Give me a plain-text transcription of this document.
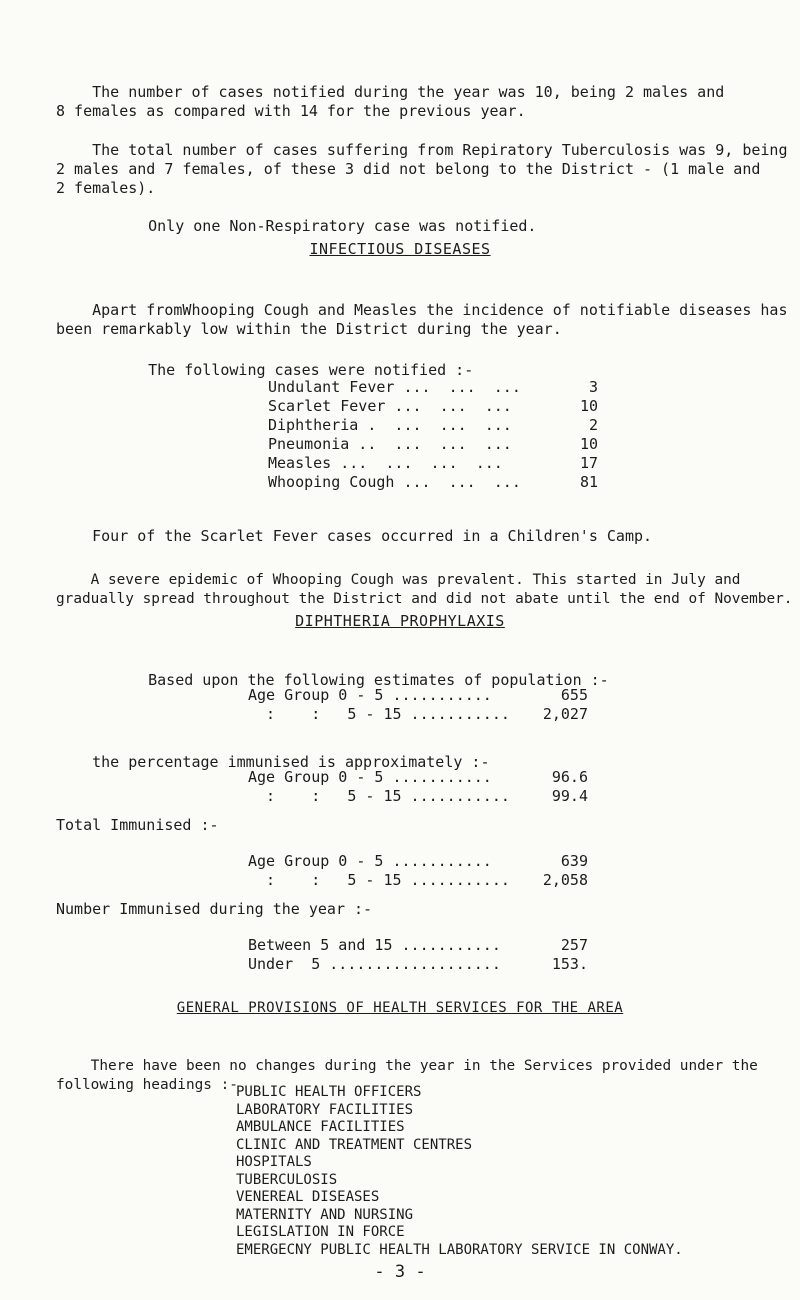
The number of cases notified during the year was 10, being 2 males and
8 females as compared with 14 for the previous year.

The total number of cases suffering from Repiratory Tuberculosis was 9, being
2 males and 7 females, of these 3 did not belong to the District - (1 male and
2 females).

Only one Non-Respiratory case was notified.

INFECTIOUS DISEASES

Apart fromWhooping Cough and Measles the incidence of notifiable diseases has
been remarkably low within the District during the year.

The following cases were notified :-

Undulant Fever ...  ...  ...	3
Scarlet Fever ...  ...  ...	10
Diphtheria .  ...  ...  ...	2
Pneumonia ..  ...  ...  ...	10
Measles ...  ...  ...  ...	17
Whooping Cough ...  ...  ...	81

Four of the Scarlet Fever cases occurred in a Children's Camp.

A severe epidemic of Whooping Cough was prevalent. This started in July and
gradually spread throughout the District and did not abate until the end of November.

DIPHTHERIA PROPHYLAXIS

Based upon the following estimates of population :-

Age Group 0 - 5 ...........	655
:    :   5 - 15 ...........	2,027

the percentage immunised is approximately :-

Age Group 0 - 5 ...........	96.6
:    :   5 - 15 ...........	99.4
Total Immunised :-
Age Group 0 - 5 ...........	639
:    :   5 - 15 ...........	2,058
Number Immunised during the year :-
Between 5 and 15 ...........	257
Under  5 ...................	153.
GENERAL PROVISIONS OF HEALTH SERVICES FOR THE AREA

There have been no changes during the year in the Services provided under the
following headings :-

PUBLIC HEALTH OFFICERS
LABORATORY FACILITIES
AMBULANCE FACILITIES
CLINIC AND TREATMENT CENTRES
HOSPITALS
TUBERCULOSIS
VENEREAL DISEASES
MATERNITY AND NURSING
LEGISLATION IN FORCE
EMERGECNY PUBLIC HEALTH LABORATORY SERVICE IN CONWAY.
- 3 -
